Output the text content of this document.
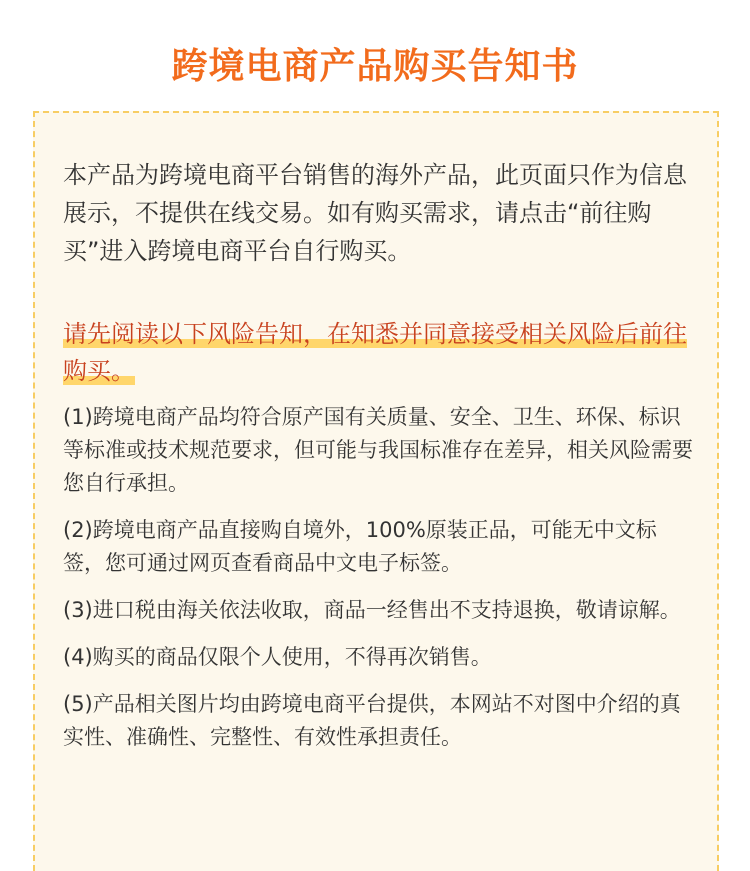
跨境电商产品购买告知书

本产品为跨境电商平台销售的海外产品，此页面只作为信息展示，不提供在线交易。如有购买需求，请点击“前往购买”进入跨境电商平台自行购买。

请先阅读以下风险告知，在知悉并同意接受相关风险后前往购买。

(1)跨境电商产品均符合原产国有关质量、安全、卫生、环保、标识等标准或技术规范要求，但可能与我国标准存在差异，相关风险需要您自行承担。
(2)跨境电商产品直接购自境外，100%原装正品，可能无中文标签，您可通过网页查看商品中文电子标签。
(3)进口税由海关依法收取，商品一经售出不支持退换，敬请谅解。
(4)购买的商品仅限个人使用，不得再次销售。
(5)产品相关图片均由跨境电商平台提供，本网站不对图中介绍的真实性、准确性、完整性、有效性承担责任。
